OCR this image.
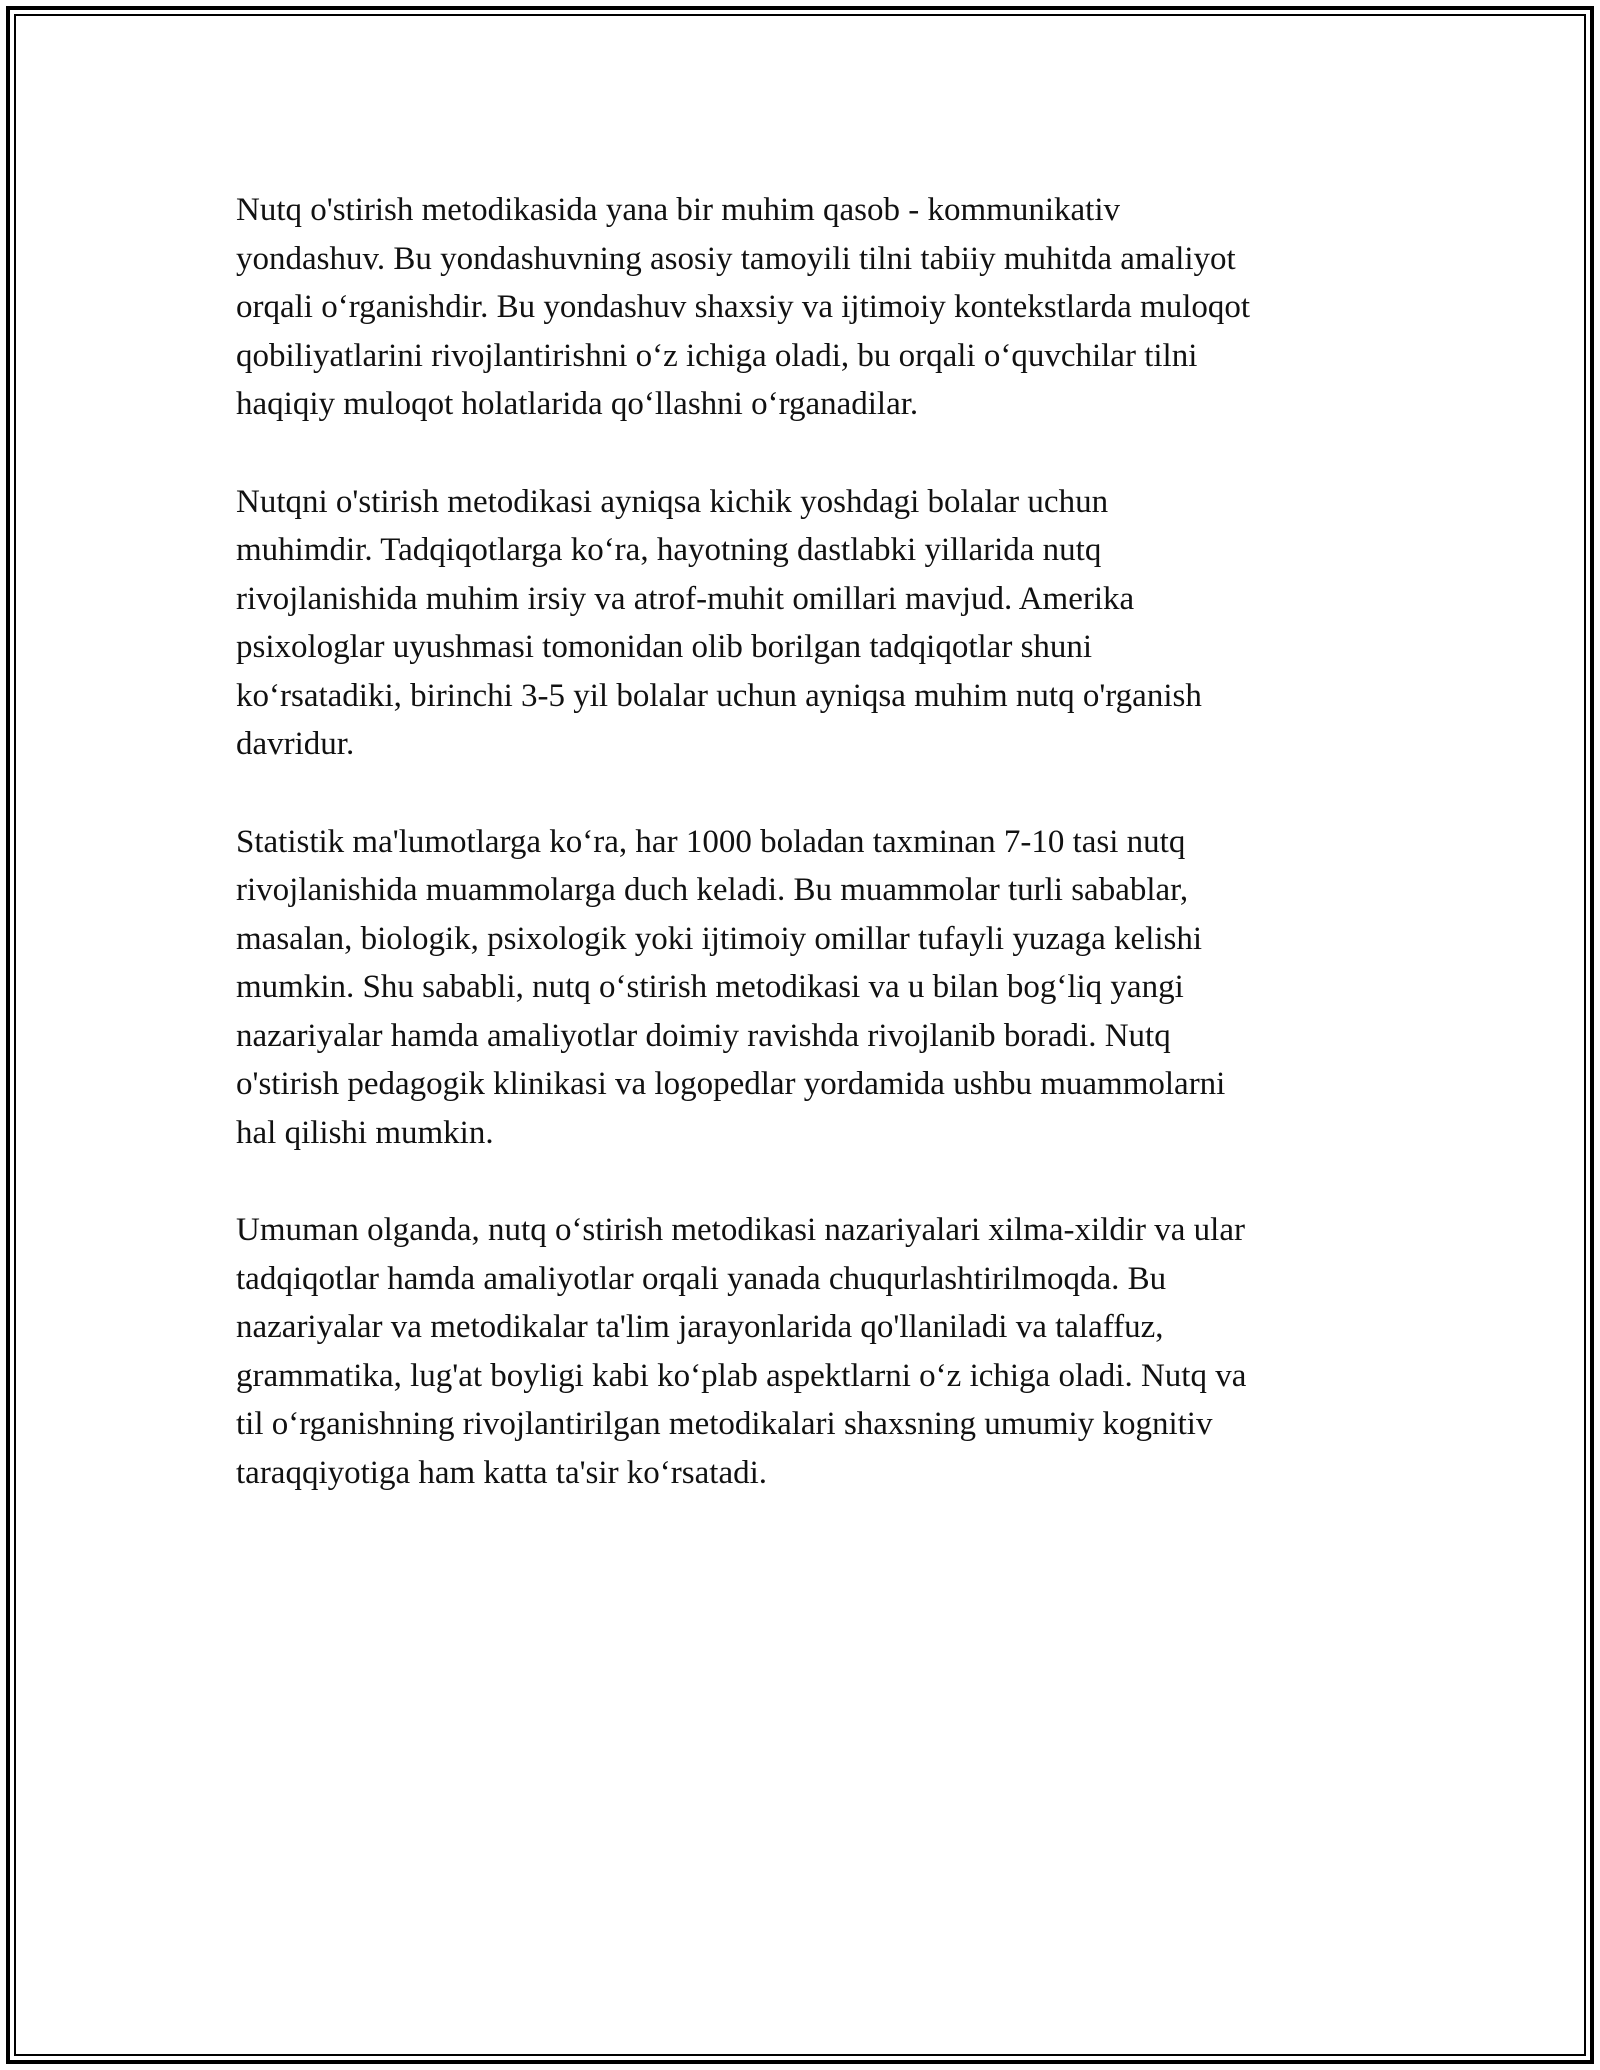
Nutq o'stirish metodikasida yana bir muhim qasob - kommunikativ
yondashuv. Bu yondashuvning asosiy tamoyili tilni tabiiy muhitda amaliyot
orqali o‘rganishdir. Bu yondashuv shaxsiy va ijtimoiy kontekstlarda muloqot
qobiliyatlarini rivojlantirishni o‘z ichiga oladi, bu orqali o‘quvchilar tilni
haqiqiy muloqot holatlarida qo‘llashni o‘rganadilar.

Nutqni o'stirish metodikasi ayniqsa kichik yoshdagi bolalar uchun
muhimdir. Tadqiqotlarga ko‘ra, hayotning dastlabki yillarida nutq
rivojlanishida muhim irsiy va atrof-muhit omillari mavjud. Amerika
psixologlar uyushmasi tomonidan olib borilgan tadqiqotlar shuni
ko‘rsatadiki, birinchi 3-5 yil bolalar uchun ayniqsa muhim nutq o'rganish
davridur.

Statistik ma'lumotlarga ko‘ra, har 1000 boladan taxminan 7-10 tasi nutq
rivojlanishida muammolarga duch keladi. Bu muammolar turli sabablar,
masalan, biologik, psixologik yoki ijtimoiy omillar tufayli yuzaga kelishi
mumkin. Shu sababli, nutq o‘stirish metodikasi va u bilan bog‘liq yangi
nazariyalar hamda amaliyotlar doimiy ravishda rivojlanib boradi. Nutq
o'stirish pedagogik klinikasi va logopedlar yordamida ushbu muammolarni
hal qilishi mumkin.

Umuman olganda, nutq o‘stirish metodikasi nazariyalari xilma-xildir va ular
tadqiqotlar hamda amaliyotlar orqali yanada chuqurlashtirilmoqda. Bu
nazariyalar va metodikalar ta'lim jarayonlarida qo'llaniladi va talaffuz,
grammatika, lug'at boyligi kabi ko‘plab aspektlarni o‘z ichiga oladi. Nutq va
til o‘rganishning rivojlantirilgan metodikalari shaxsning umumiy kognitiv
taraqqiyotiga ham katta ta'sir ko‘rsatadi.
